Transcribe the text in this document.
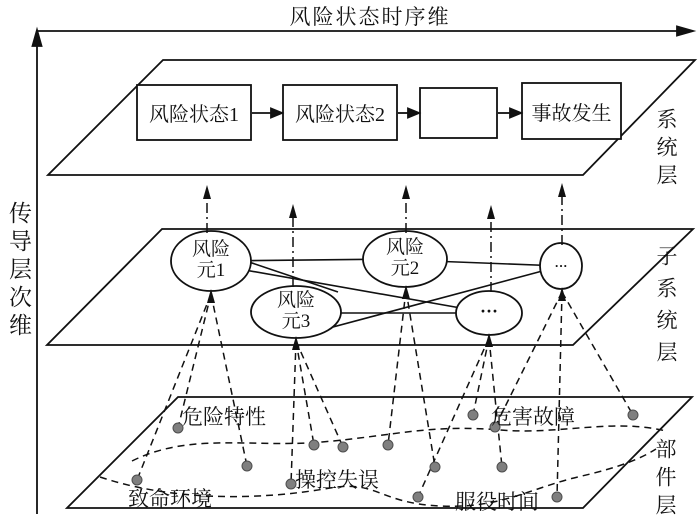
风险状态时序维
传导层次维
系统层
子系统层
部件层
风险状态1	风险状态2	事故发生
风险
元1
风险
元2
风险
元3	···
···
危险特性	危害故障
操控失误
致命环境	服役时间
